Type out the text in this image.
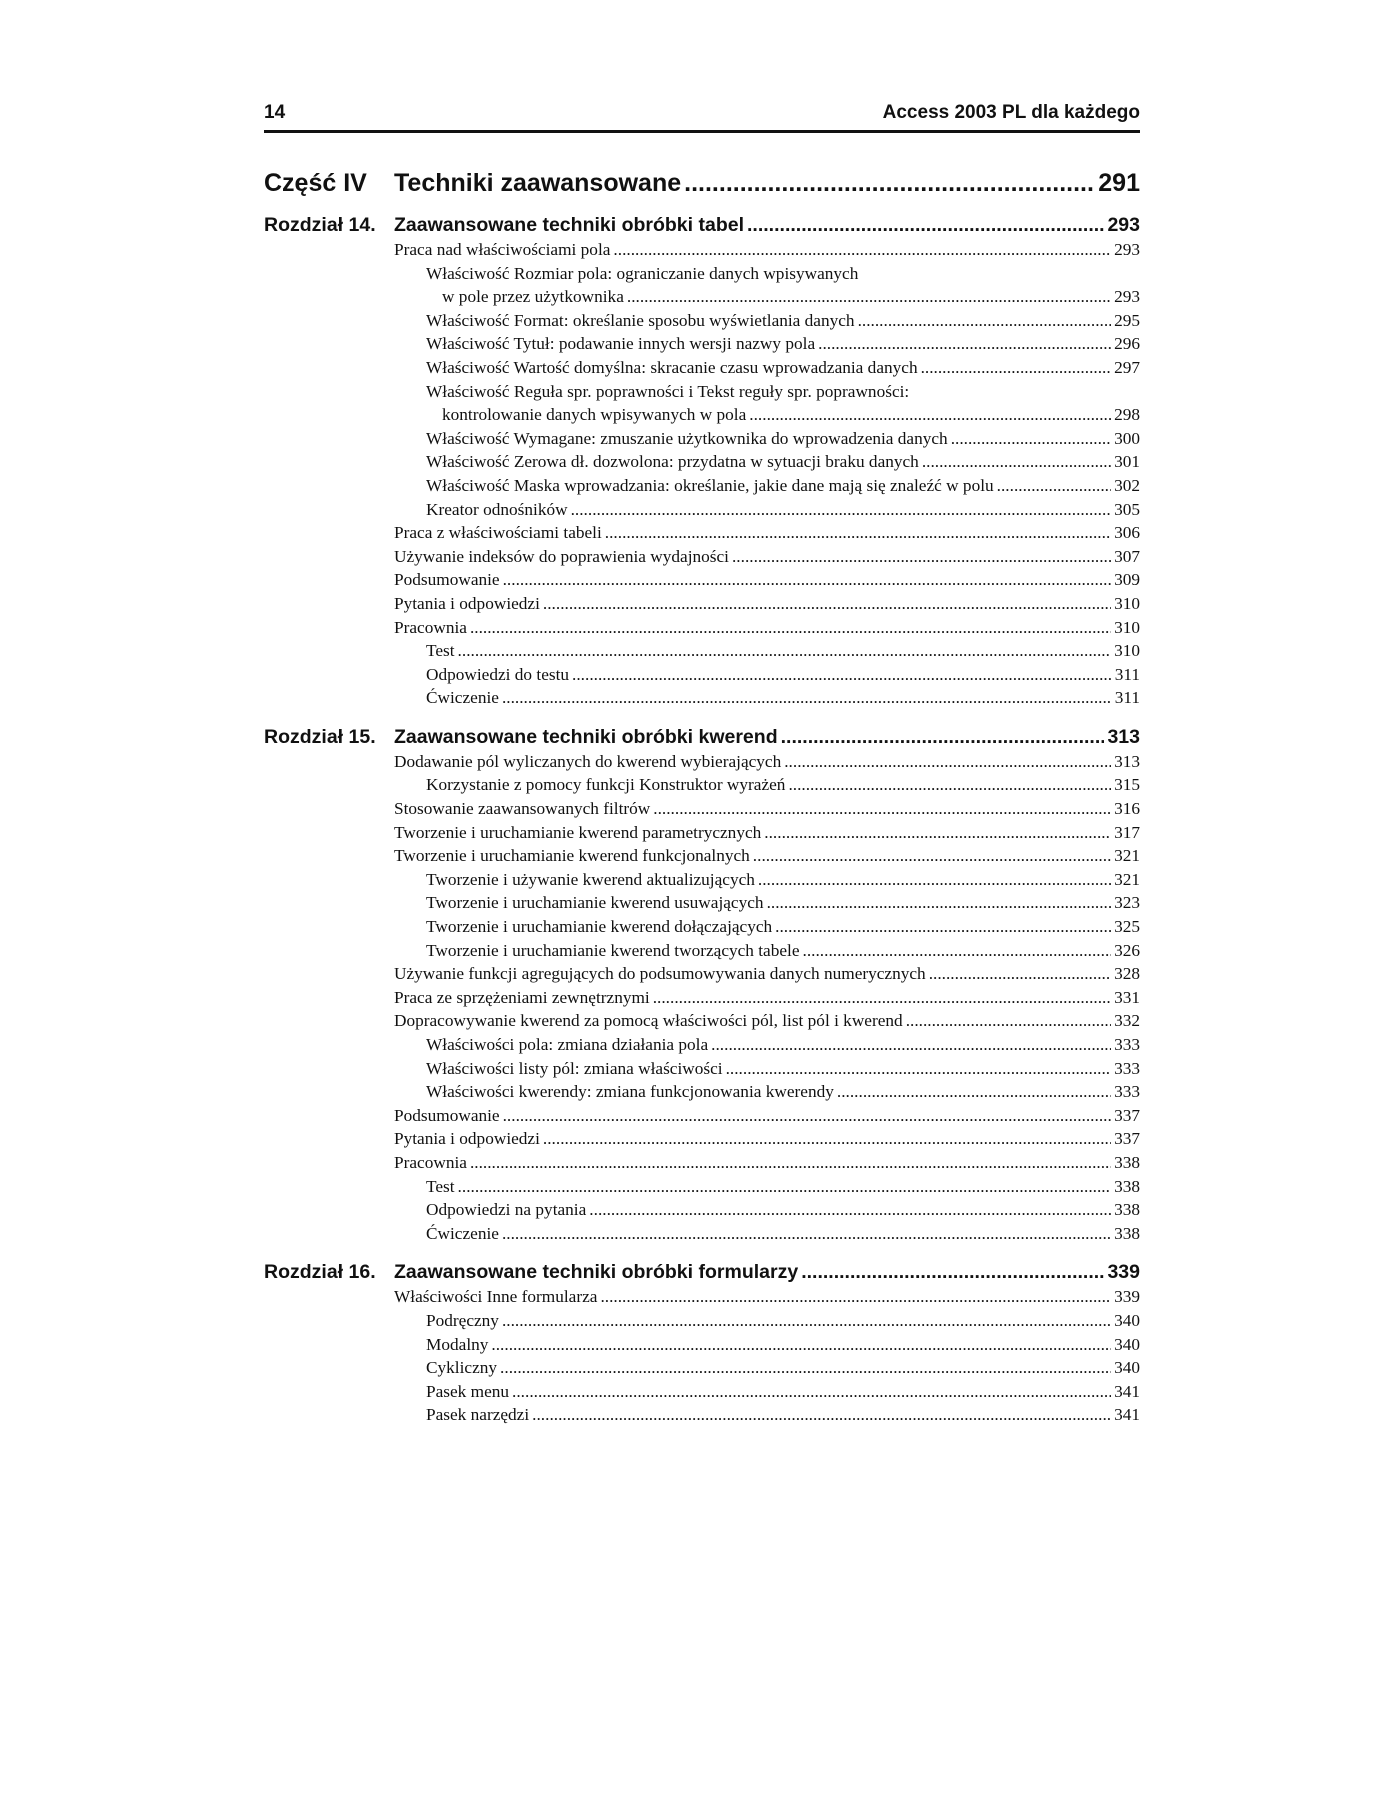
14	Access 2003 PL dla każdego
Część IV	Techniki zaawansowane .....	291
Rozdział 14. Zaawansowane techniki obróbki tabel .....	293
Praca nad właściwościami pola .....	293
Właściwość Rozmiar pola: ograniczanie danych wpisywanych
w pole przez użytkownika .....	293
Właściwość Format: określanie sposobu wyświetlania danych .....	295
Właściwość Tytuł: podawanie innych wersji nazwy pola .....	296
Właściwość Wartość domyślna: skracanie czasu wprowadzania danych .....	297
Właściwość Reguła spr. poprawności i Tekst reguły spr. poprawności:
kontrolowanie danych wpisywanych w pola .....	298
Właściwość Wymagane: zmuszanie użytkownika do wprowadzenia danych .....	300
Właściwość Zerowa dł. dozwolona: przydatna w sytuacji braku danych .....	301
Właściwość Maska wprowadzania: określanie, jakie dane mają się znaleźć w polu .....	302
Kreator odnośników .....	305
Praca z właściwościami tabeli .....	306
Używanie indeksów do poprawienia wydajności .....	307
Podsumowanie .....	309
Pytania i odpowiedzi .....	310
Pracownia .....	310
Test .....	310
Odpowiedzi do testu .....	311
Ćwiczenie .....	311
Rozdział 15. Zaawansowane techniki obróbki kwerend .....	313
Dodawanie pól wyliczanych do kwerend wybierających .....	313
Korzystanie z pomocy funkcji Konstruktor wyrażeń .....	315
Stosowanie zaawansowanych filtrów .....	316
Tworzenie i uruchamianie kwerend parametrycznych .....	317
Tworzenie i uruchamianie kwerend funkcjonalnych .....	321
Tworzenie i używanie kwerend aktualizujących .....	321
Tworzenie i uruchamianie kwerend usuwających .....	323
Tworzenie i uruchamianie kwerend dołączających .....	325
Tworzenie i uruchamianie kwerend tworzących tabele .....	326
Używanie funkcji agregujących do podsumowywania danych numerycznych .....	328
Praca ze sprzężeniami zewnętrznymi .....	331
Dopracowywanie kwerend za pomocą właściwości pól, list pól i kwerend .....	332
Właściwości pola: zmiana działania pola .....	333
Właściwości listy pól: zmiana właściwości .....	333
Właściwości kwerendy: zmiana funkcjonowania kwerendy .....	333
Podsumowanie .....	337
Pytania i odpowiedzi .....	337
Pracownia .....	338
Test .....	338
Odpowiedzi na pytania .....	338
Ćwiczenie .....	338
Rozdział 16. Zaawansowane techniki obróbki formularzy .....	339
Właściwości Inne formularza .....	339
Podręczny .....	340
Modalny .....	340
Cykliczny .....	340
Pasek menu .....	341
Pasek narzędzi .....	341
